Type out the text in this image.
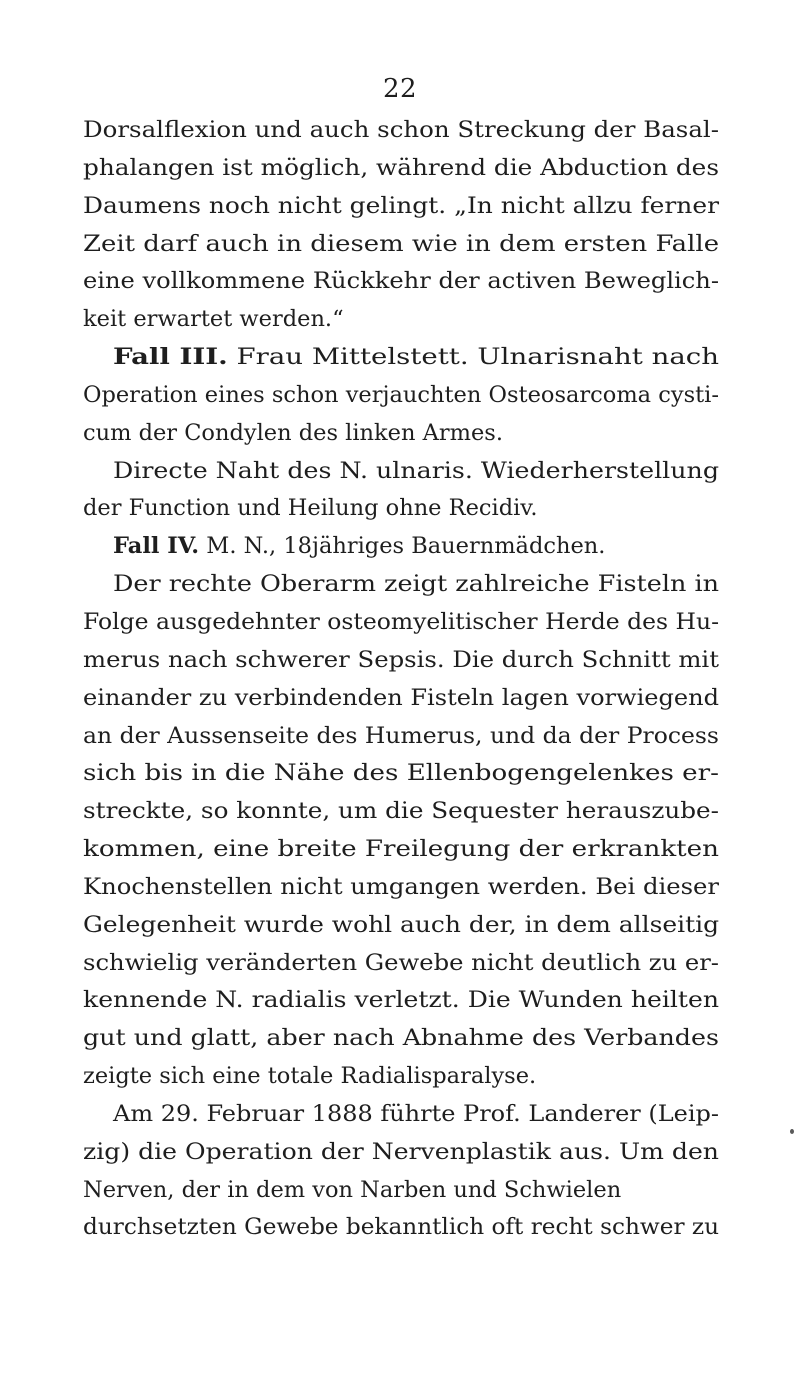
22
Dorsalflexion und auch schon Streckung der Basal-
phalangen ist möglich, während die Abduction des
Daumens noch nicht gelingt. „In nicht allzu ferner
Zeit darf auch in diesem wie in dem ersten Falle
eine vollkommene Rückkehr der activen Beweglich-
keit erwartet werden.“
Fall III. Frau Mittelstett. Ulnarisnaht nach
Operation eines schon verjauchten Osteosarcoma cysti-
cum der Condylen des linken Armes.
Directe Naht des N. ulnaris. Wiederherstellung
der Function und Heilung ohne Recidiv.
Fall IV. M. N., 18jähriges Bauernmädchen.
Der rechte Oberarm zeigt zahlreiche Fisteln in
Folge ausgedehnter osteomyelitischer Herde des Hu-
merus nach schwerer Sepsis. Die durch Schnitt mit
einander zu verbindenden Fisteln lagen vorwiegend
an der Aussenseite des Humerus, und da der Process
sich bis in die Nähe des Ellenbogengelenkes er-
streckte, so konnte, um die Sequester herauszube-
kommen, eine breite Freilegung der erkrankten
Knochenstellen nicht umgangen werden. Bei dieser
Gelegenheit wurde wohl auch der, in dem allseitig
schwielig veränderten Gewebe nicht deutlich zu er-
kennende N. radialis verletzt. Die Wunden heilten
gut und glatt, aber nach Abnahme des Verbandes
zeigte sich eine totale Radialisparalyse.
Am 29. Februar 1888 führte Prof. Landerer (Leip-
zig) die Operation der Nervenplastik aus. Um den
Nerven, der in dem von Narben und Schwielen
durchsetzten Gewebe bekanntlich oft recht schwer zu
